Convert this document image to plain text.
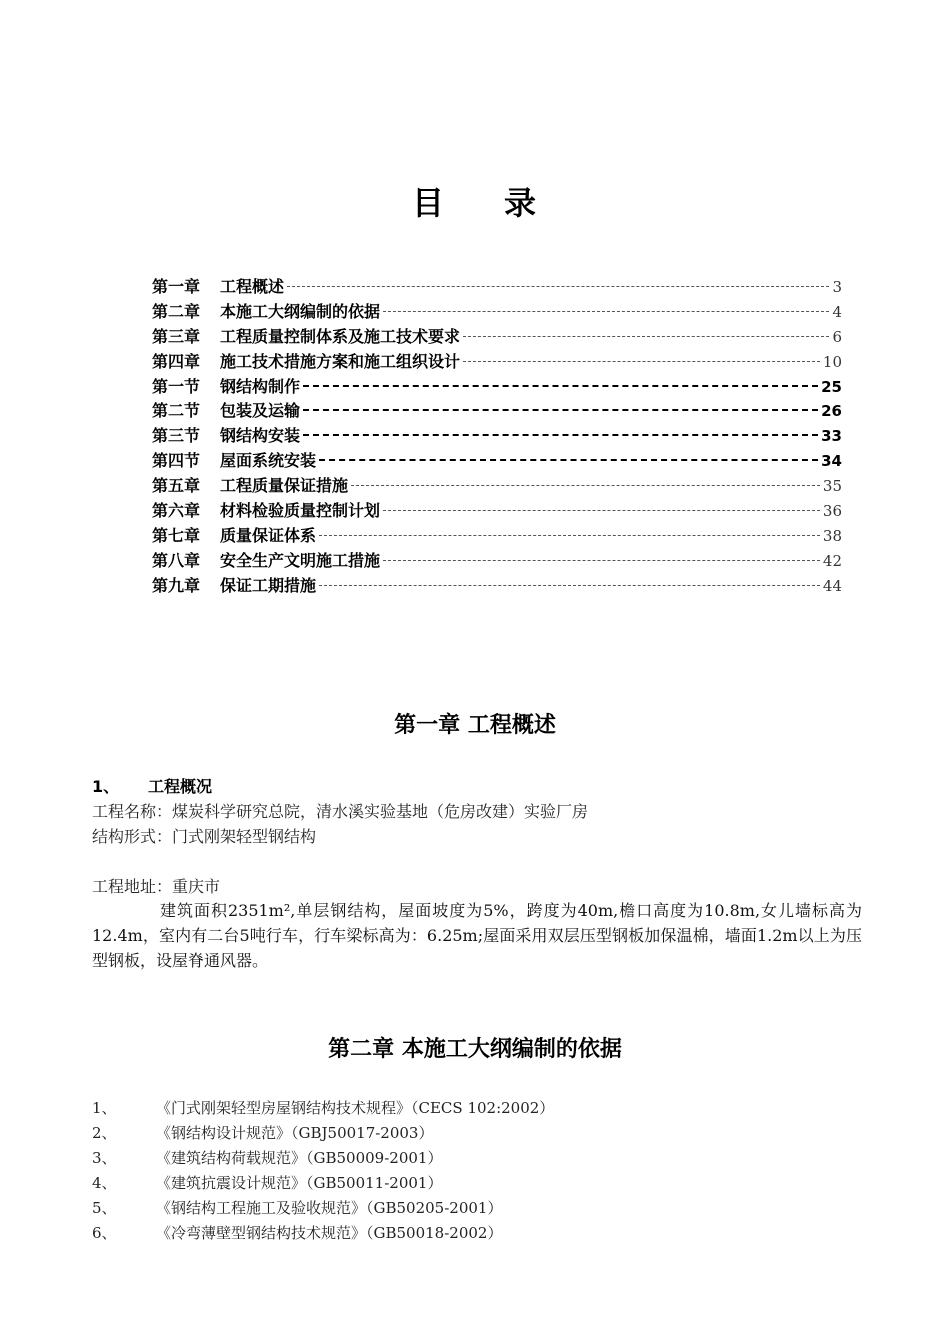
目 录
第一章 工程概述	3
第二章 本施工大纲编制的依据	4
第三章 工程质量控制体系及施工技术要求	6
第四章 施工技术措施方案和施工组织设计	10
第一节 钢结构制作	25
第二节 包装及运输	26
第三节 钢结构安装	33
第四节 屋面系统安装	34
第五章 工程质量保证措施	35
第六章 材料检验质量控制计划	36
第七章 质量保证体系	38
第八章 安全生产文明施工措施	42
第九章 保证工期措施	44
第一章 工程概述
1、 工程概况
工程名称：煤炭科学研究总院，清水溪实验基地（危房改建）实验厂房
结构形式：门式刚架轻型钢结构
工程地址：重庆市
建筑面积2351m²,单层钢结构，屋面坡度为5%，跨度为40m,檐口高度为10.8m,女儿墙标高为12.4m，室内有二台5吨行车，行车梁标高为：6.25m;屋面采用双层压型钢板加保温棉，墙面1.2m以上为压型钢板，设屋脊通风器。
第二章 本施工大纲编制的依据
1、	《门式刚架轻型房屋钢结构技术规程》（CECS 102:2002）
2、	《钢结构设计规范》（GBJ50017-2003）
3、	《建筑结构荷载规范》（GB50009-2001）
4、	《建筑抗震设计规范》（GB50011-2001）
5、	《钢结构工程施工及验收规范》（GB50205-2001）
6、	《冷弯薄壁型钢结构技术规范》（GB50018-2002）
